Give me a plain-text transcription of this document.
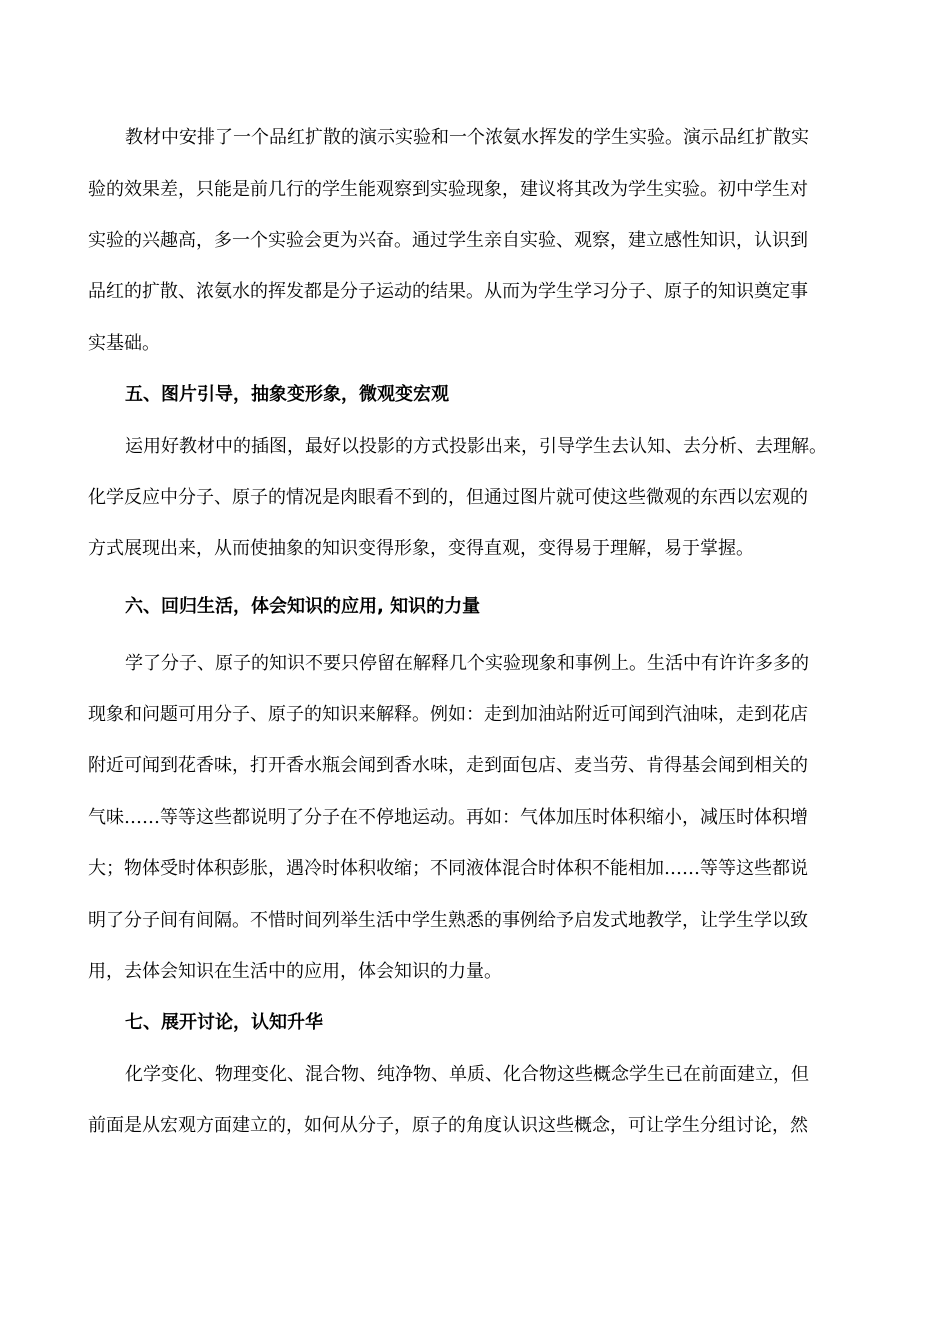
教材中安排了一个品红扩散的演示实验和一个浓氨水挥发的学生实验。演示品红扩散实
验的效果差，只能是前几行的学生能观察到实验现象，建议将其改为学生实验。初中学生对
实验的兴趣高，多一个实验会更为兴奋。通过学生亲自实验、观察，建立感性知识，认识到
品红的扩散、浓氨水的挥发都是分子运动的结果。从而为学生学习分子、原子的知识奠定事
实基础。
五、图片引导，抽象变形象，微观变宏观
运用好教材中的插图，最好以投影的方式投影出来，引导学生去认知、去分析、去理解。
化学反应中分子、原子的情况是肉眼看不到的，但通过图片就可使这些微观的东西以宏观的
方式展现出来，从而使抽象的知识变得形象，变得直观，变得易于理解，易于掌握。
六、回归生活，体会知识的应用, 知识的力量
学了分子、原子的知识不要只停留在解释几个实验现象和事例上。生活中有许许多多的
现象和问题可用分子、原子的知识来解释。例如：走到加油站附近可闻到汽油味，走到花店
附近可闻到花香味，打开香水瓶会闻到香水味，走到面包店、麦当劳、肯得基会闻到相关的
气味……等等这些都说明了分子在不停地运动。再如：气体加压时体积缩小，减压时体积增
大；物体受时体积彭胀，遇冷时体积收缩；不同液体混合时体积不能相加……等等这些都说
明了分子间有间隔。不惜时间列举生活中学生熟悉的事例给予启发式地教学，让学生学以致
用，去体会知识在生活中的应用，体会知识的力量。
七、展开讨论，认知升华
化学变化、物理变化、混合物、纯净物、单质、化合物这些概念学生已在前面建立，但
前面是从宏观方面建立的，如何从分子，原子的角度认识这些概念，可让学生分组讨论，然
